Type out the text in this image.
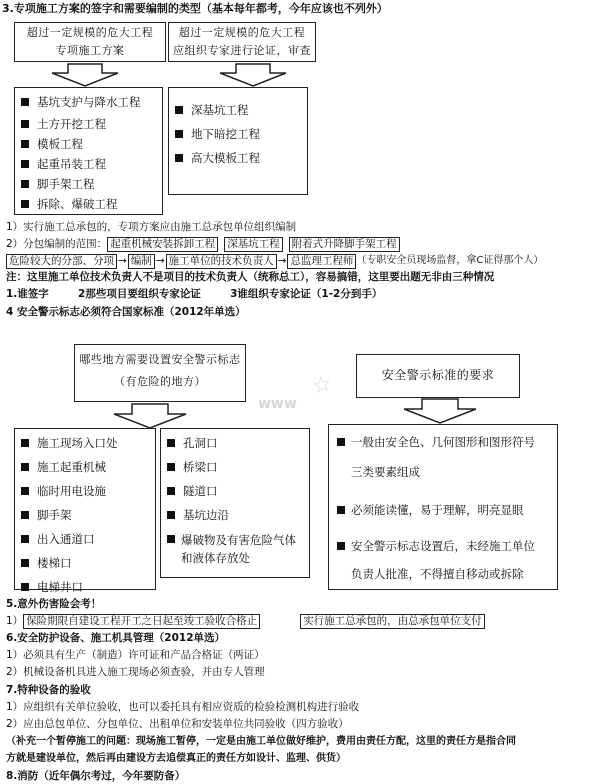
3.专项施工方案的签字和需要编制的类型（基本每年都考，今年应该也不列外）
超过一定规模的危大工程
专项施工方案
超过一定规模的危大工程
应组织专家进行论证，审查
基坑支护与降水工程
土方开挖工程
模板工程
起重吊装工程
脚手架工程
拆除、爆破工程
深基坑工程
地下暗挖工程
高大模板工程
1）实行施工总承包的，专项方案应由施工总承包单位组织编制
2）分包编制的范围： 起重机械安装拆卸工程 深基坑工程 附着式升降脚手架工程
危险较大的分部、分项 → 编制 → 施工单位的技术负责人 → 总监理工程师 （专职安全员现场监督，拿C证得那个人）
注：这里施工单位技术负责人不是项目的技术负责人（统称总工），容易搞错，这里要出题无非由三种情况
1.谁签字        2那些项目要组织专家论证        3谁组织专家论证（1-2分到手）
4 安全警示标志必须符合国家标准（2012年单选）
哪些地方需要设置安全警示标志
（有危险的地方）	安全警示标准的要求
www
☆
施工现场入口处
施工起重机械
临时用电设施
脚手架
出入通道口
楼梯口
电梯井口
孔洞口
桥梁口
隧道口
基坑边沿
爆破物及有害危险气体和液体存放处
一般由安全色、几何图形和图形符号
三类要素组成
必须能读懂，易于理解，明亮显眼
安全警示标志设置后，未经施工单位
负责人批准，不得擅自移动或拆除
5.意外伤害险会考！
1） 保险期限自建设工程开工之日起至竣工验收合格止	实行施工总承包的，由总承包单位支付
6.安全防护设备、施工机具管理（2012单选）
1）必须具有生产（制造）许可证和产品合格证（两证）
2）机械设备机具进入施工现场必须查验，并由专人管理
7.特种设备的验收
1）应组织有关单位验收，也可以委托具有相应资质的检验检测机构进行验收
2）应由总包单位、分包单位、出租单位和安装单位共同验收（四方验收）
（补充一个暂停施工的问题：现场施工暂停，一定是由施工单位做好维护，费用由责任方配，这里的责任方是指合同
方就是建设单位，然后再由建设方去追偿真正的责任方如设计、监理、供货）
8.消防（近年偶尔考过，今年要防备）
